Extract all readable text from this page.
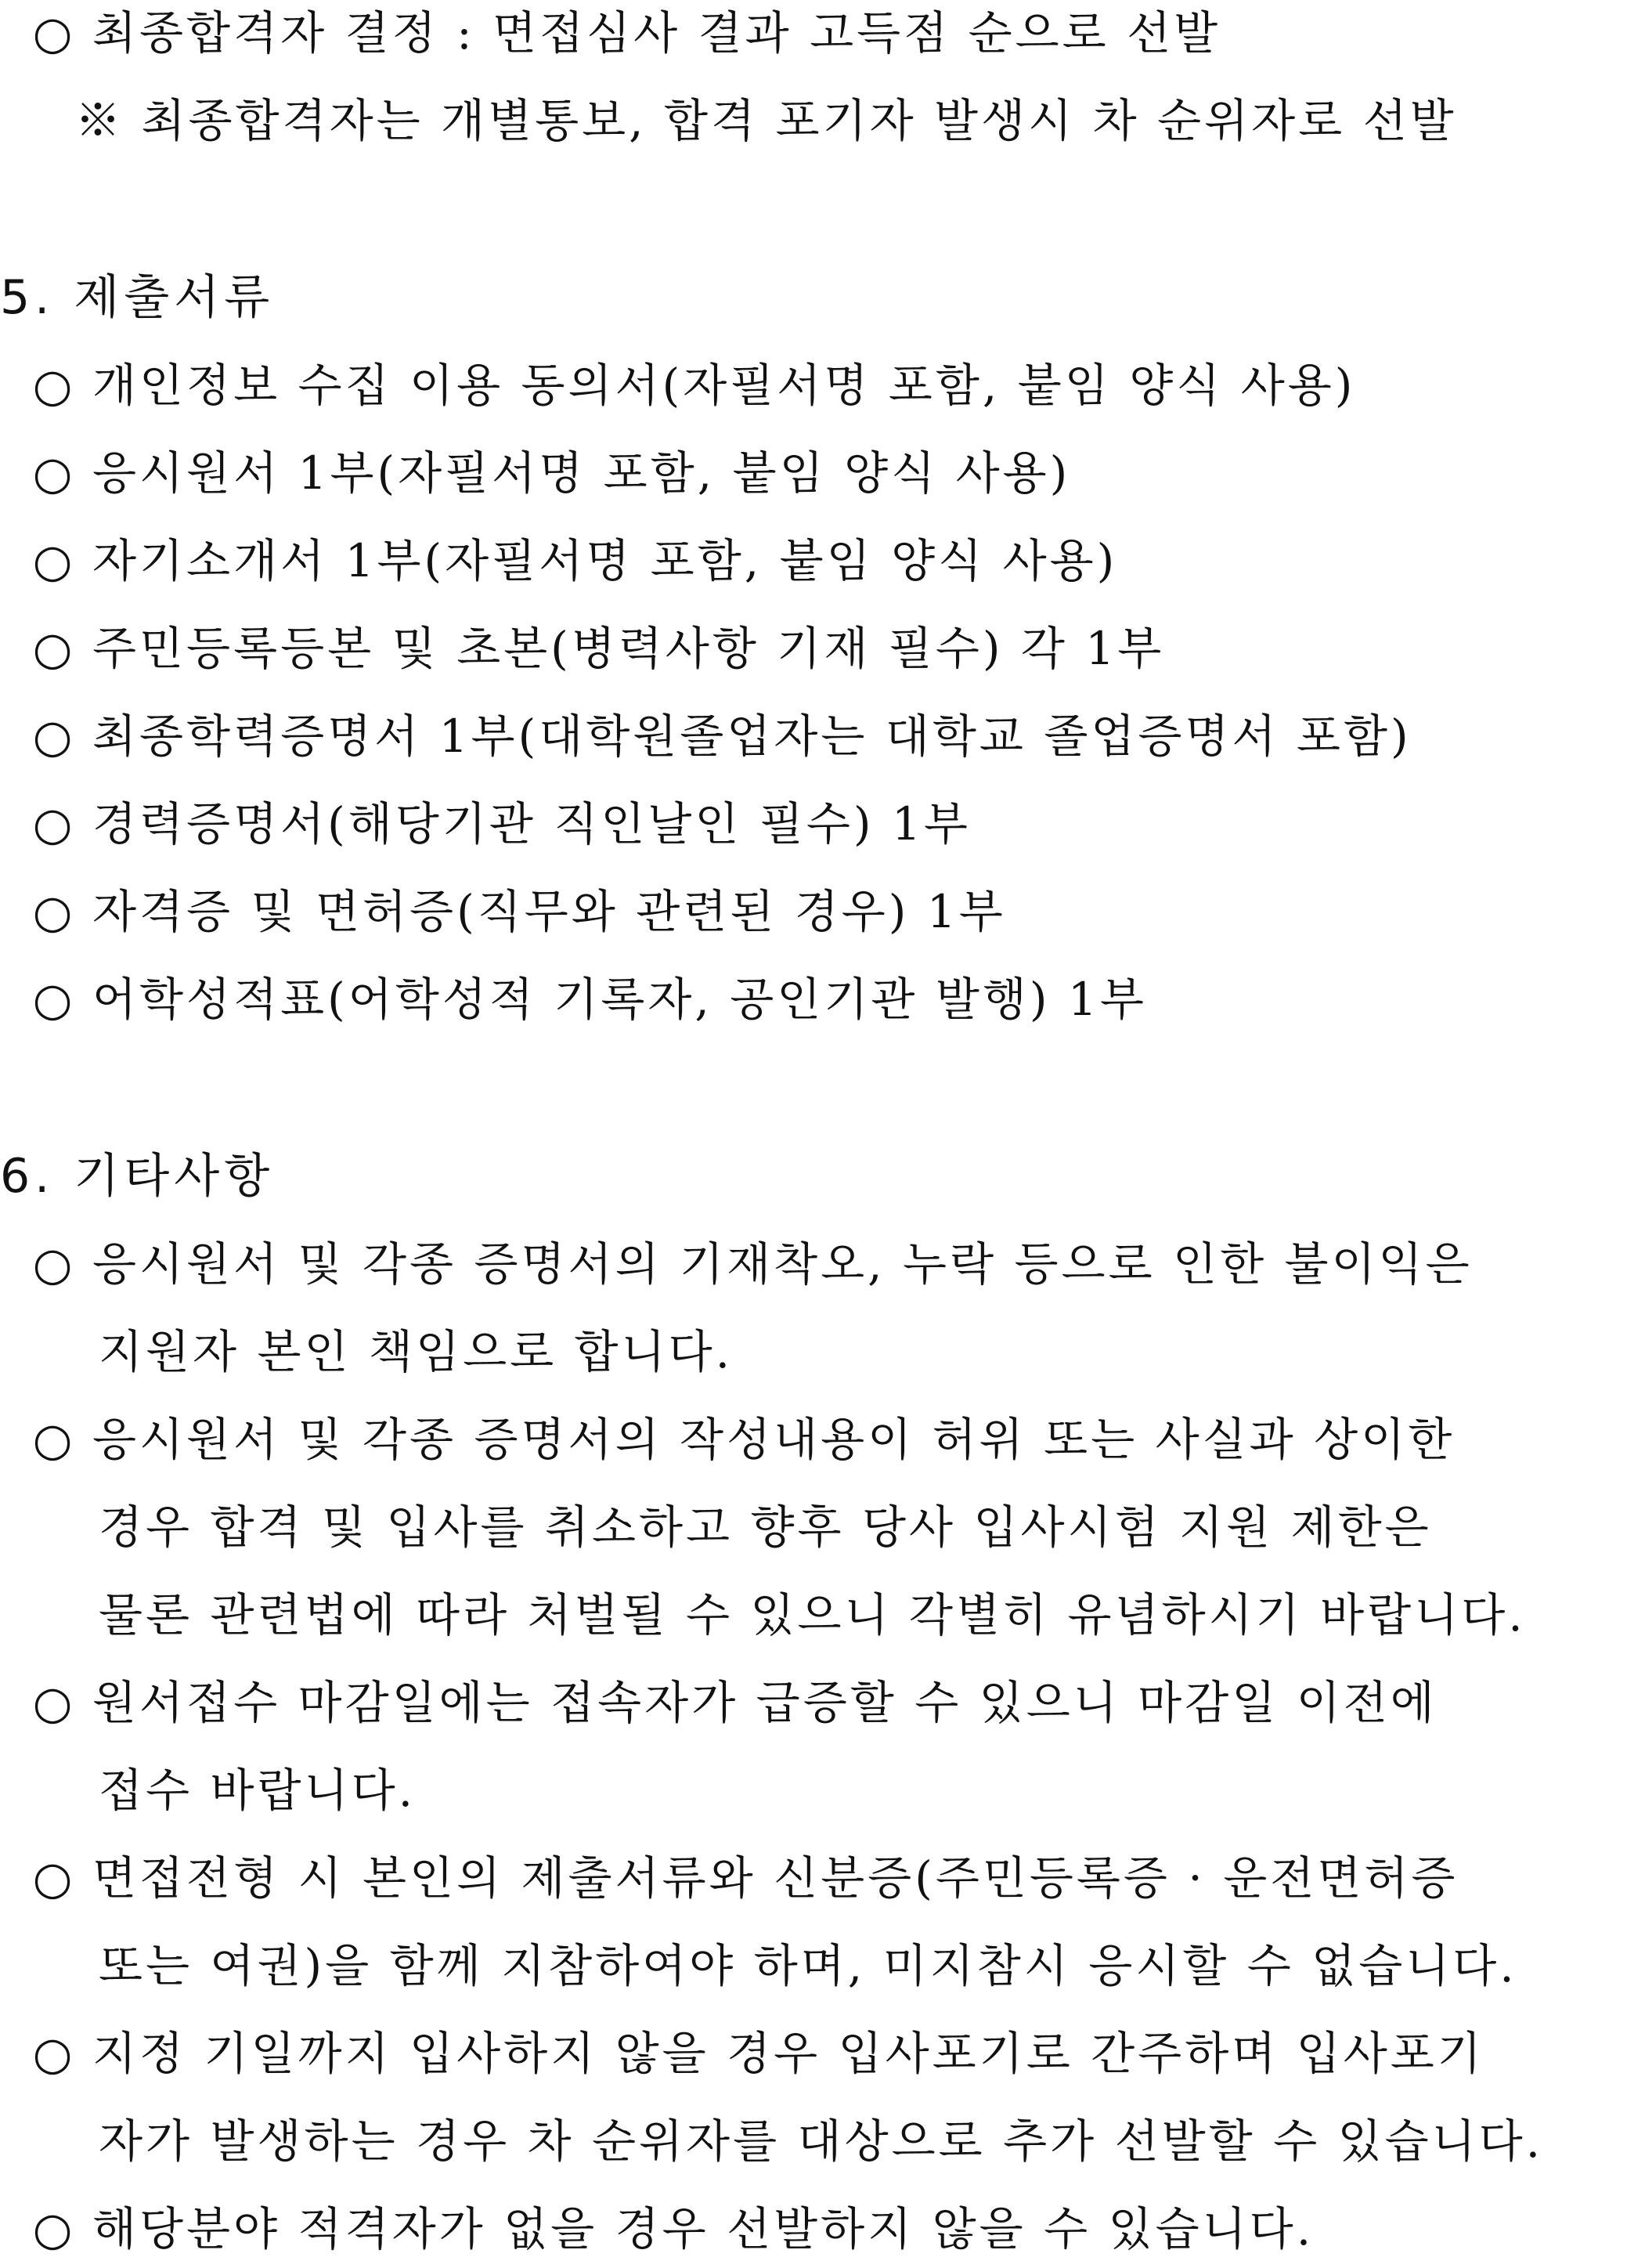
○ 최종합격자 결정 : 면접심사 결과 고득점 순으로 선발
※ 최종합격자는 개별통보, 합격 포기자 발생시 차 순위자로 선발
5. 제출서류
○ 개인정보 수집 이용 동의서(자필서명 포함, 붙임 양식 사용)
○ 응시원서 1부(자필서명 포함, 붙임 양식 사용)
○ 자기소개서 1부(자필서명 포함, 붙임 양식 사용)
○ 주민등록등본 및 초본(병력사항 기재 필수) 각 1부
○ 최종학력증명서 1부(대학원졸업자는 대학교 졸업증명서 포함)
○ 경력증명서(해당기관 직인날인 필수) 1부
○ 자격증 및 면허증(직무와 관련된 경우) 1부
○ 어학성적표(어학성적 기록자, 공인기관 발행) 1부
6. 기타사항
○ 응시원서 및 각종 증명서의 기재착오, 누락 등으로 인한 불이익은
지원자 본인 책임으로 합니다.
○ 응시원서 및 각종 증명서의 작성내용이 허위 또는 사실과 상이한
경우 합격 및 입사를 취소하고 향후 당사 입사시험 지원 제한은
물론 관련법에 따라 처벌될 수 있으니 각별히 유념하시기 바랍니다.
○ 원서접수 마감일에는 접속자가 급증할 수 있으니 마감일 이전에
접수 바랍니다.
○ 면접전형 시 본인의 제출서류와 신분증(주민등록증 · 운전면허증
또는 여권)을 함께 지참하여야 하며, 미지참시 응시할 수 없습니다.
○ 지정 기일까지 입사하지 않을 경우 입사포기로 간주하며 입사포기
자가 발생하는 경우 차 순위자를 대상으로 추가 선발할 수 있습니다.
○ 해당분야 적격자가 없을 경우 선발하지 않을 수 있습니다.
